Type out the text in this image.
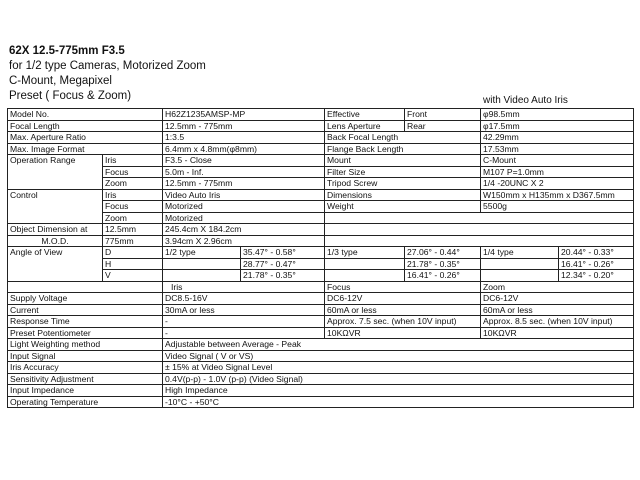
62X 12.5-775mm F3.5
for 1/2 type Cameras, Motorized Zoom
C-Mount, Megapixel
Preset ( Focus & Zoom)	with Video Auto Iris
Model No.		H62Z1235AMSP-MP		Effective	Front	φ98.5mm	
Focal Length		12.5mm - 775mm		Lens Aperture	Rear	φ17.5mm	
Max. Aperture Ratio		1:3.5		Back Focal Length		42.29mm	
Max. Image Format		6.4mm x 4.8mm(φ8mm)		Flange Back Length		17.53mm	
Operation Range	Iris	F3.5 - Close		Mount		C-Mount	
	Focus	5.0m - Inf.		Filter Size		M107 P=1.0mm	
	Zoom	12.5mm - 775mm		Tripod Screw		1/4 -20UNC X 2	
Control	Iris	Video Auto Iris		Dimensions		W150mm x H135mm x D367.5mm	
	Focus	Motorized		Weight		5500g	
	Zoom	Motorized					
Object Dimension at	12.5mm	245.4cm X 184.2cm					
M.O.D.	775mm	3.94cm X 2.96cm					
Angle of View	D	1/2 type	35.47° - 0.58°	1/3 type	27.06° - 0.44°	1/4 type	20.44° - 0.33°
	H		28.77° - 0.47°		21.78° - 0.35°		16.41° - 0.26°
	V		21.78° - 0.35°		16.41° - 0.26°		12.34° - 0.20°
		Iris		Focus		Zoom	
Supply Voltage		DC8.5-16V		DC6-12V		DC6-12V	
Current		30mA or less		60mA or less		60mA or less	
Response Time		-		Approx. 7.5 sec. (when 10V input)		Approx. 8.5 sec. (when 10V input)	
Preset Potentiometer		-		10KΩVR		10KΩVR	
Light Weighting method		Adjustable between Average - Peak					
Input Signal		Video Signal ( V or VS)					
Iris Accuracy		± 15% at Video Signal Level					
Sensitivity Adjustment		0.4V(p-p) - 1.0V (p-p) (Video Signal)					
Input Impedance		High Impedance					
Operating Temperature		-10°C - +50°C					
